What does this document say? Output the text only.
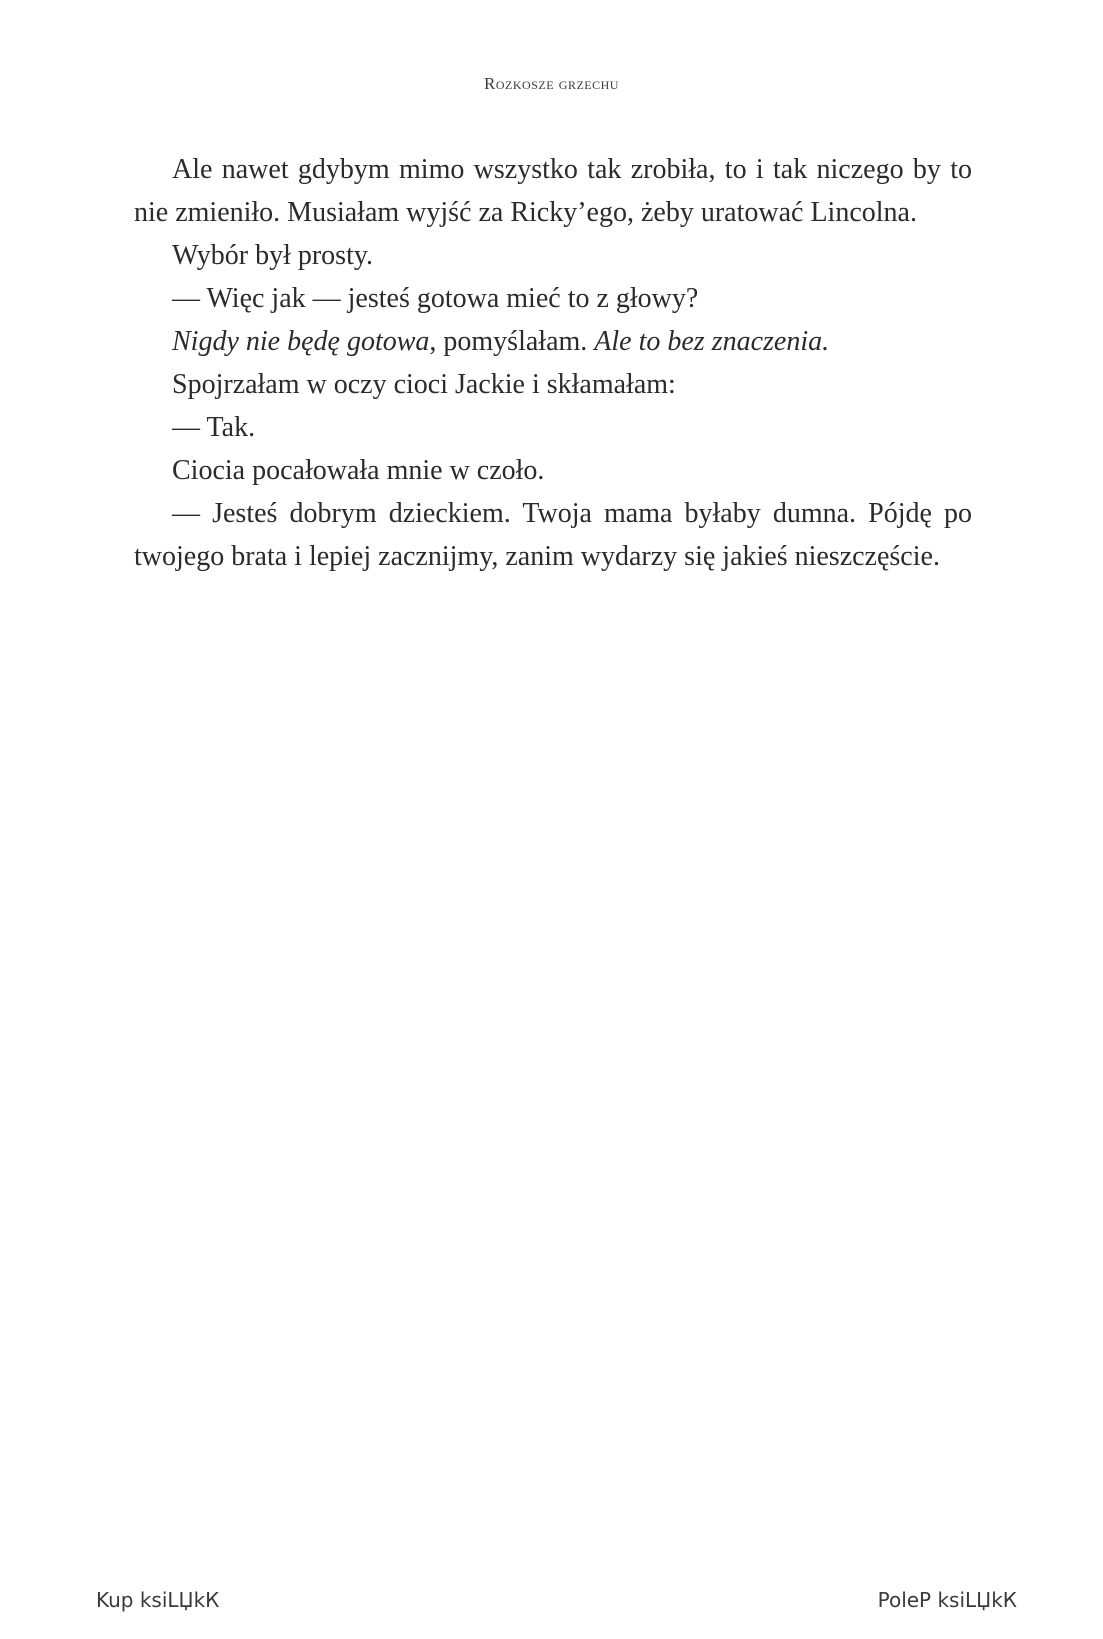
Rozkosze grzechu

Ale nawet gdybym mimo wszystko tak zrobiła, to i tak niczego by to nie zmieniło. Musiałam wyjść za Ricky’ego, żeby uratować Lincolna.

Wybór był prosty.

— Więc jak — jesteś gotowa mieć to z głowy?

Nigdy nie będę gotowa, pomyślałam. Ale to bez znaczenia.

Spojrzałam w oczy cioci Jackie i skłamałam:

— Tak.

Ciocia pocałowała mnie w czoło.

— Jesteś dobrym dzieckiem. Twoja mama byłaby dumna. Pójdę po twojego brata i lepiej zacznijmy, zanim wydarzy się jakieś nieszczęście.

Kup ksiLЏkК	PoleP ksiLЏkК
